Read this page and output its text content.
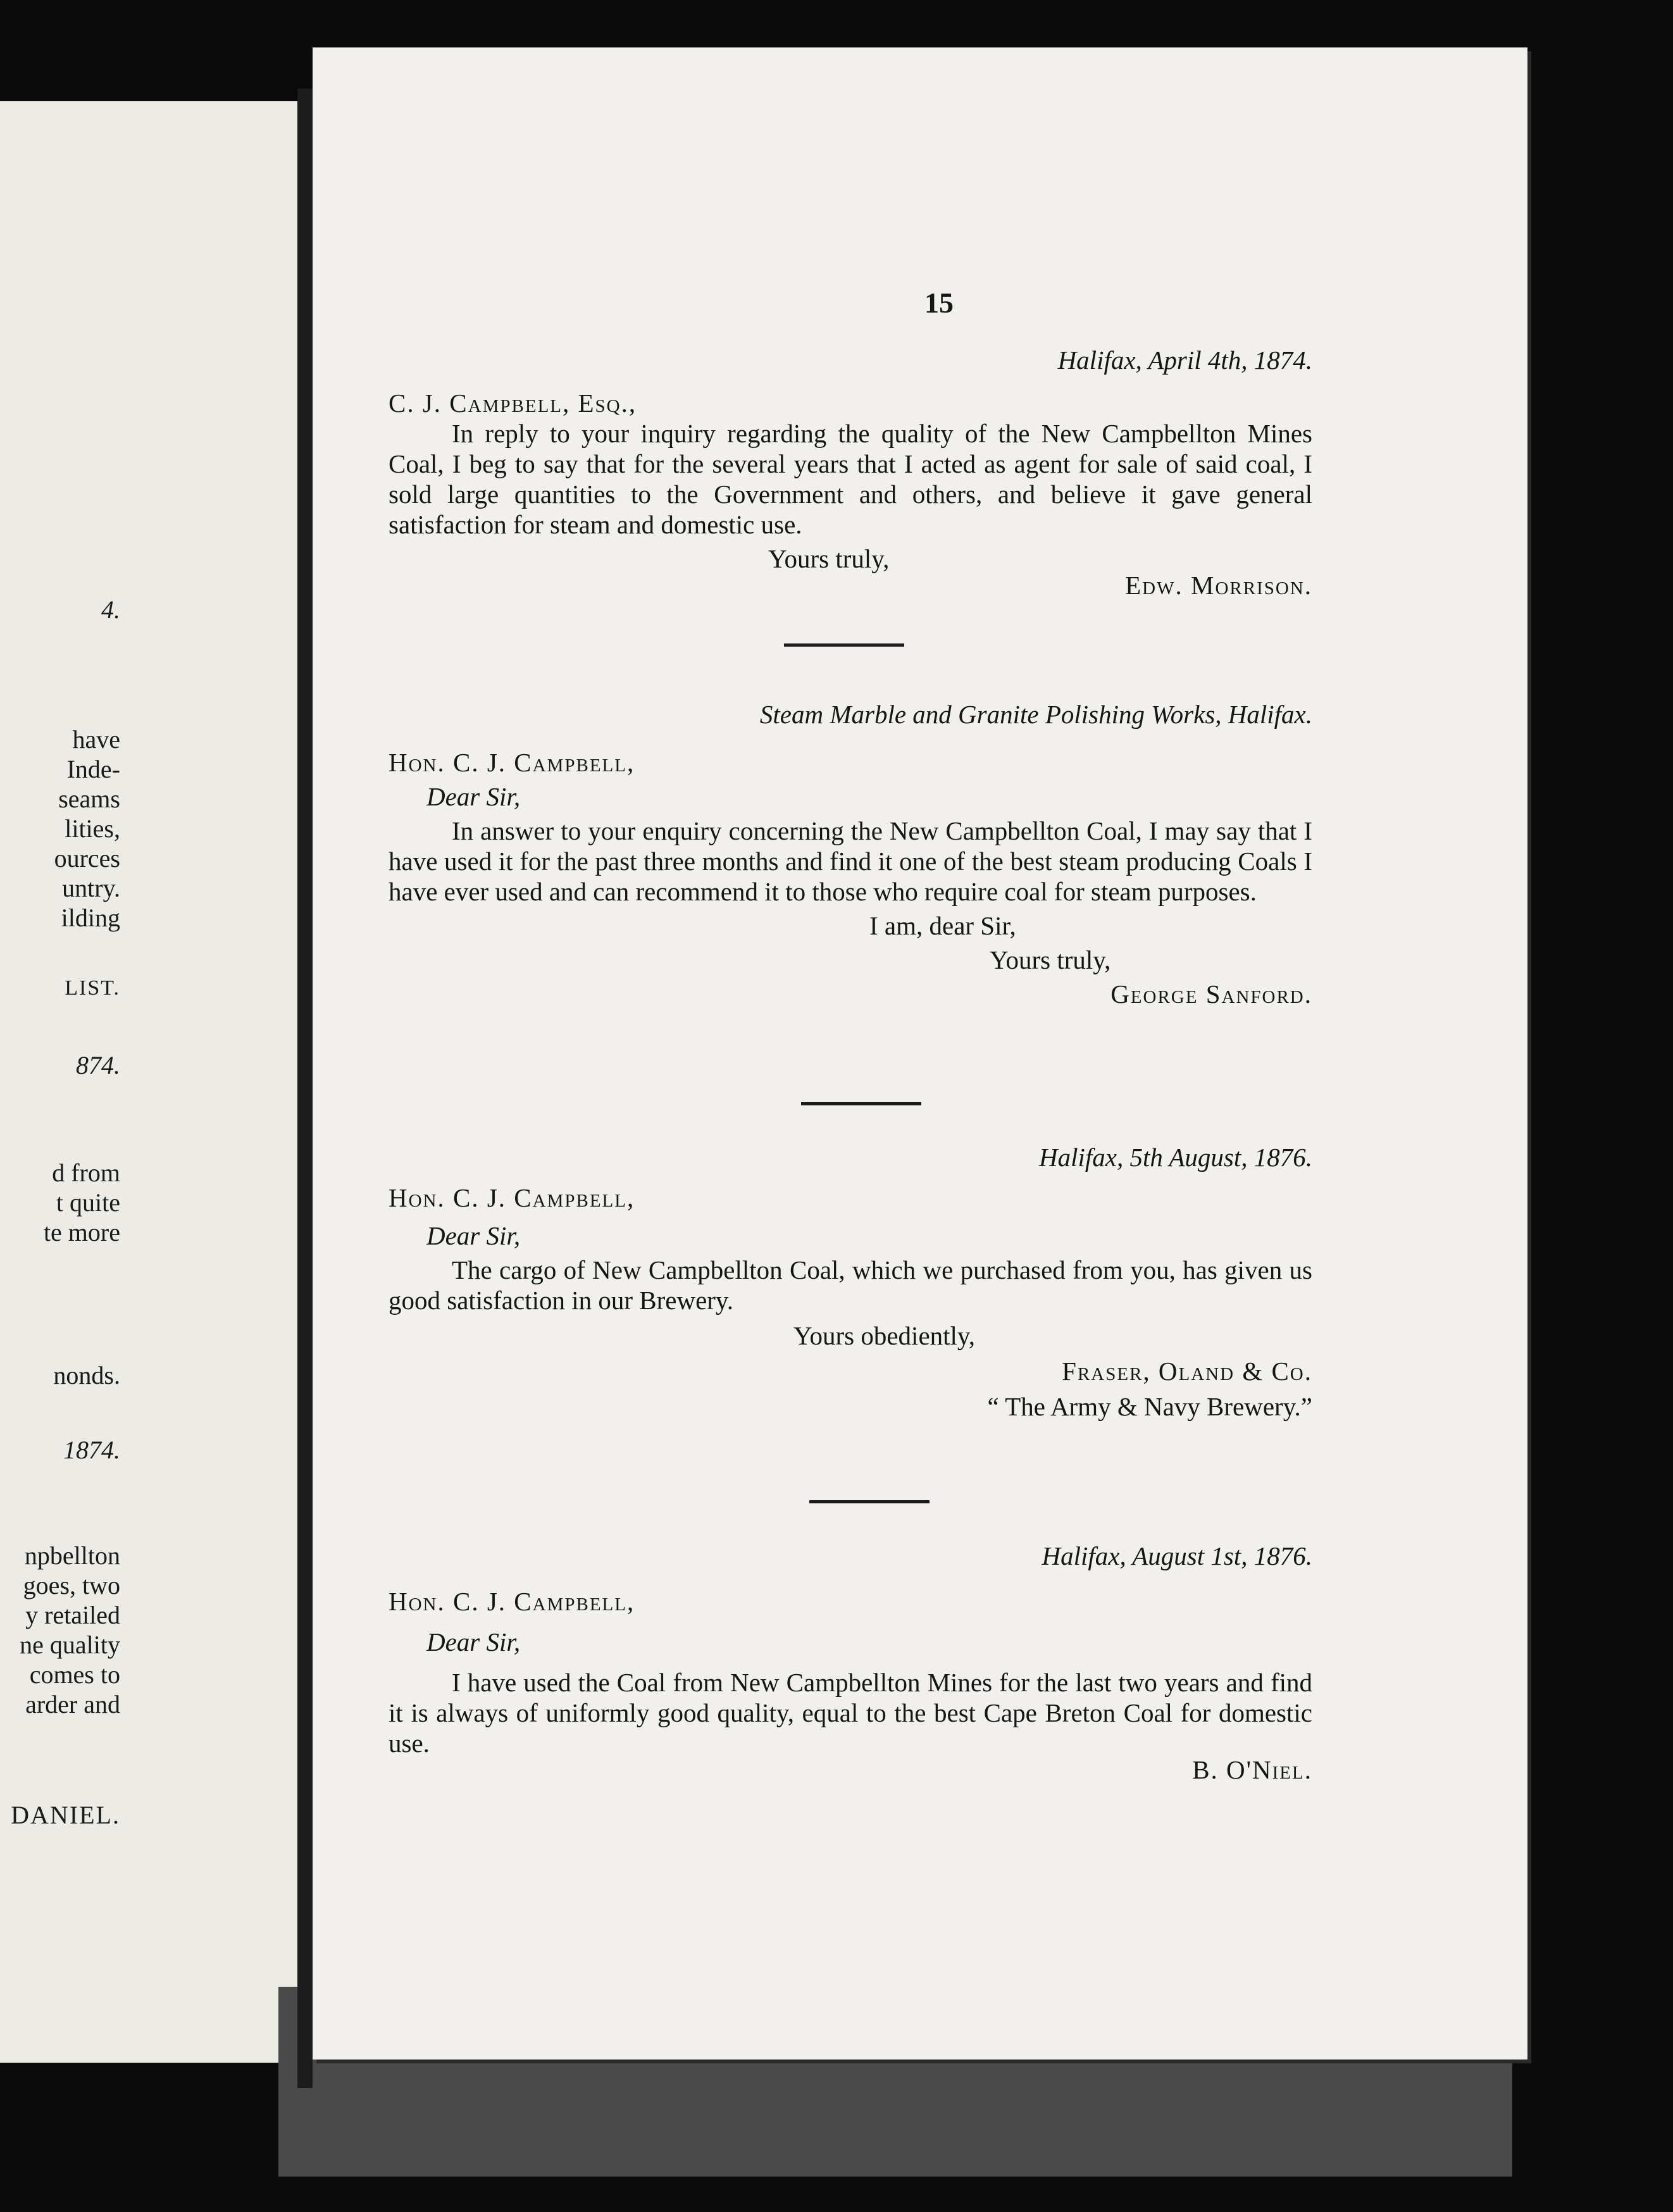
4.
have
Inde-
seams
lities,
ources
untry.
ilding
LIST.
874.
d from
t quite
te more
nonds.
1874.
npbellton
goes, two
y retailed
ne quality
comes to
arder and
DANIEL.
15

Halifax, April 4th, 1874.

C. J. Campbell, Esq.,

In reply to your inquiry regarding the quality of the New Campbellton Mines Coal, I beg to say that for the several years that I acted as agent for sale of said coal, I sold large quantities to the Government and others, and believe it gave general satisfaction for steam and domestic use.

Yours truly,

Edw. Morrison.

Steam Marble and Granite Polishing Works, Halifax.

Hon. C. J. Campbell,

Dear Sir,

In answer to your enquiry concerning the New Campbellton Coal, I may say that I have used it for the past three months and find it one of the best steam producing Coals I have ever used and can recommend it to those who require coal for steam purposes.

I am, dear Sir,

Yours truly,

George Sanford.

Halifax, 5th August, 1876.

Hon. C. J. Campbell,

Dear Sir,

The cargo of New Campbellton Coal, which we purchased from you, has given us good satisfaction in our Brewery.

Yours obediently,

Fraser, Oland & Co.

“ The Army & Navy Brewery.”

Halifax, August 1st, 1876.

Hon. C. J. Campbell,

Dear Sir,

I have used the Coal from New Campbellton Mines for the last two years and find it is always of uniformly good quality, equal to the best Cape Breton Coal for domestic use.

B. O'Niel.
